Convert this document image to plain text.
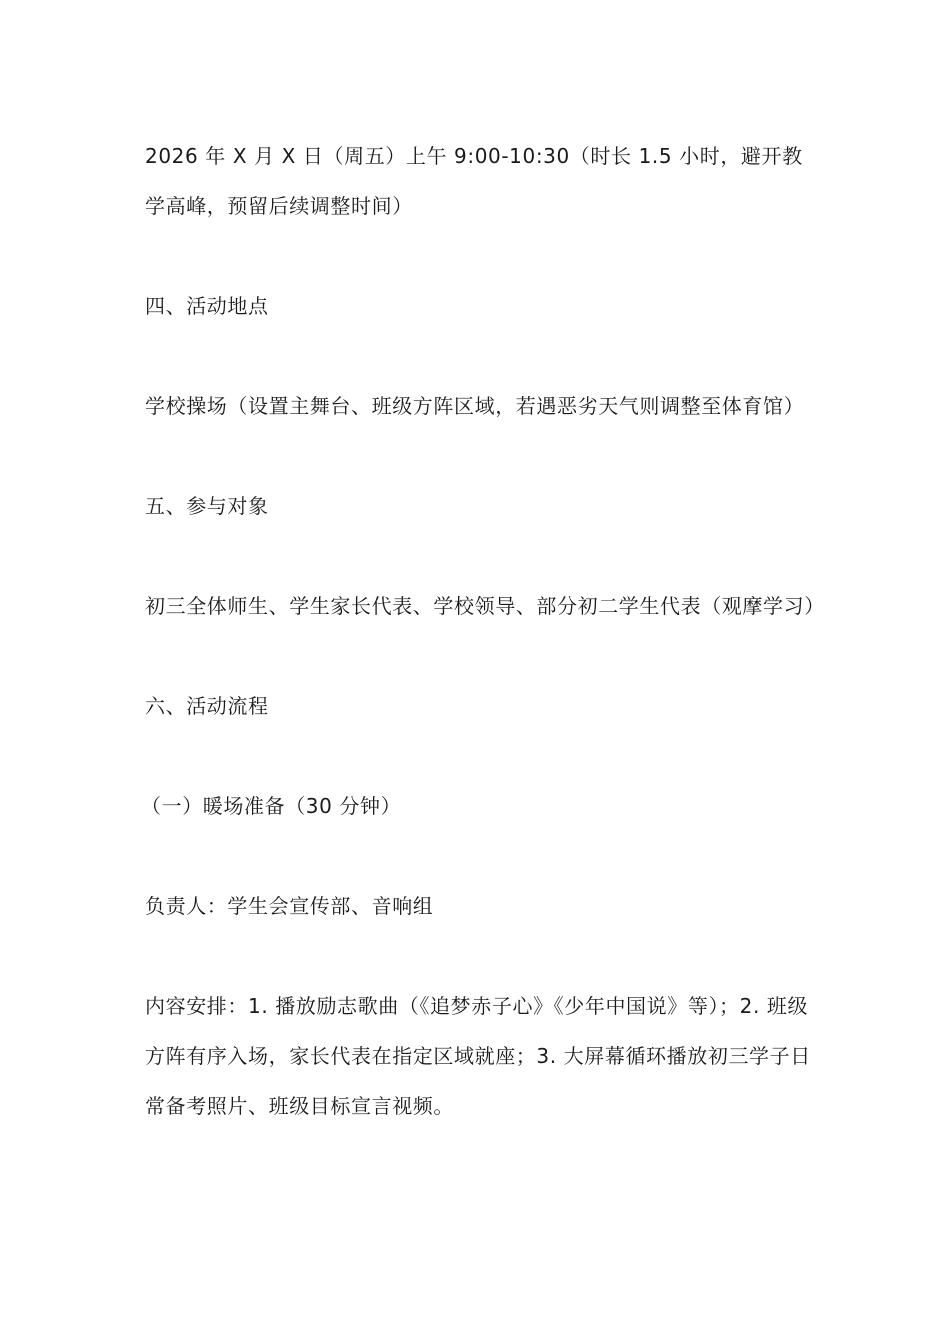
2026 年 X 月 X 日（周五）上午 9:00-10:30（时长 1.5 小时，避开教学高峰，预留后续调整时间）

四、活动地点

学校操场（设置主舞台、班级方阵区域，若遇恶劣天气则调整至体育馆）

五、参与对象

初三全体师生、学生家长代表、学校领导、部分初二学生代表（观摩学习）

六、活动流程

（一）暖场准备（30 分钟）

负责人：学生会宣传部、音响组

内容安排：1. 播放励志歌曲（《追梦赤子心》《少年中国说》等）；2. 班级方阵有序入场，家长代表在指定区域就座；3. 大屏幕循环播放初三学子日常备考照片、班级目标宣言视频。
